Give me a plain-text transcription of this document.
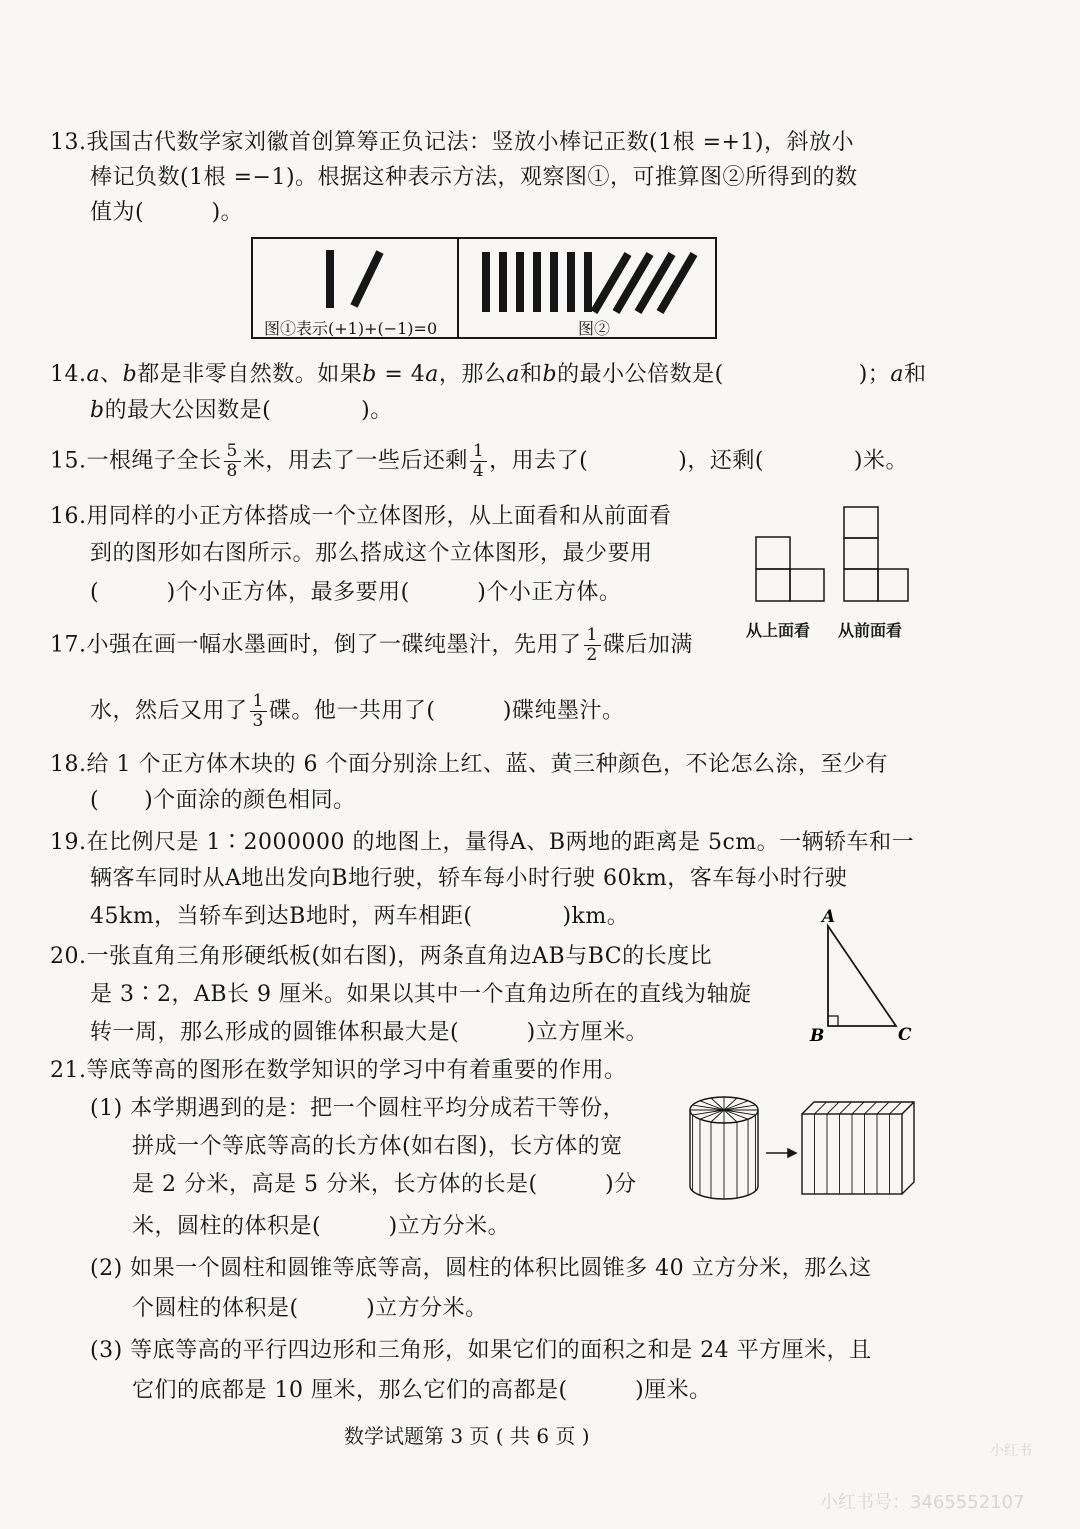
13.我国古代数学家刘徽首创算筹正负记法：竖放小棒记正数(1根 =+1)，斜放小
棒记负数(1根 =−1)。根据这种表示方法，观察图①，可推算图②所得到的数
值为(　　　)。
图①表示(+1)+(−1)=0	图②
14.a、b都是非零自然数。如果b = 4a，那么a和b的最小公倍数是(　　　　　　)；a和
b的最大公因数是(　　　　)。
15.一根绳子全长 $\frac{5}{8}$ 米，用去了一些后还剩 $\frac{1}{4}$ ，用去了(　　　　)，还剩(　　　　)米。
16.用同样的小正方体搭成一个立体图形，从上面看和从前面看
到的图形如右图所示。那么搭成这个立体图形，最少要用
(　　　)个小正方体，最多要用(　　　)个小正方体。
从上面看 从前面看
17.小强在画一幅水墨画时，倒了一碟纯墨汁，先用了 $\frac{1}{2}$ 碟后加满
水，然后又用了 $\frac{1}{3}$ 碟。他一共用了(　　　)碟纯墨汁。
18.给 1 个正方体木块的 6 个面分别涂上红、蓝、黄三种颜色，不论怎么涂，至少有
(　　)个面涂的颜色相同。
19.在比例尺是 1∶2000000 的地图上，量得A、B两地的距离是 5cm。一辆轿车和一
辆客车同时从A地出发向B地行驶，轿车每小时行驶 60km，客车每小时行驶
45km，当轿车到达B地时，两车相距(　　　　)km。
20.一张直角三角形硬纸板(如右图)，两条直角边AB与BC的长度比
是 3∶2，AB长 9 厘米。如果以其中一个直角边所在的直线为轴旋
转一周，那么形成的圆锥体积最大是(　　　)立方厘米。
A
B	C
21.等底等高的图形在数学知识的学习中有着重要的作用。
(1) 本学期遇到的是：把一个圆柱平均分成若干等份，
拼成一个等底等高的长方体(如右图)，长方体的宽
是 2 分米，高是 5 分米，长方体的长是(　　　)分
米，圆柱的体积是(　　　)立方分米。
(2) 如果一个圆柱和圆锥等底等高，圆柱的体积比圆锥多 40 立方分米，那么这
个圆柱的体积是(　　　)立方分米。
(3) 等底等高的平行四边形和三角形，如果它们的面积之和是 24 平方厘米，且
它们的底都是 10 厘米，那么它们的高都是(　　　)厘米。
数学试题第 3 页 ( 共 6 页 )
小红书
小红书号：3465552107
